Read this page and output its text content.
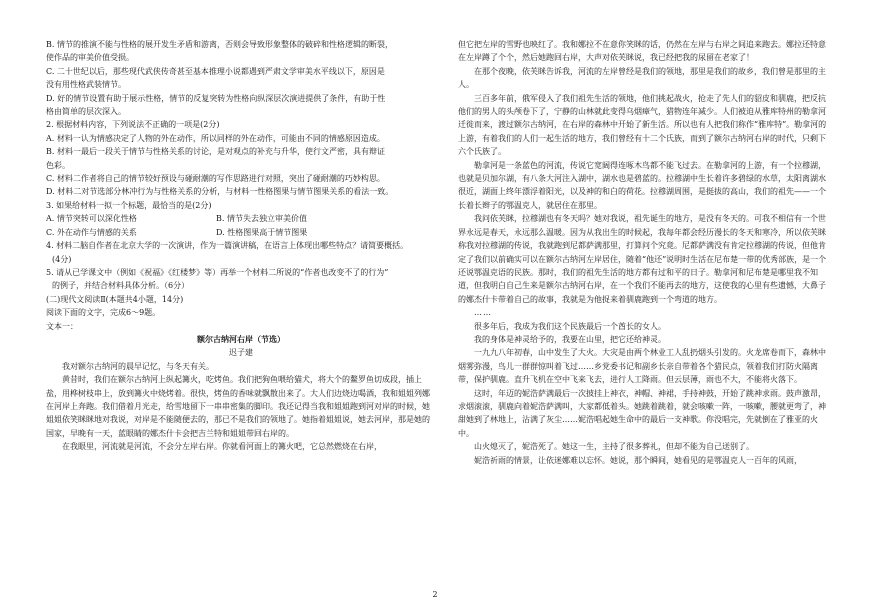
B. 情节的推演不能与性格的展开发生矛盾和游离，否则会导致形象整体的破碎和性格逻辑的断裂，

使作品的审美价值受损。

C. 二十世纪以后，那些现代武侠传奇甚至基本推理小说都遇到严肃文学审美水平线以下，原因是

没有用性格武装情节。

D. 好的情节设置有助于展示性格，情节的反复突转为性格向纵深层次演进提供了条件，有助于性

格由简单的层次深入。

2. 根据材料内容，下列说法不正确的一项是(2分)

A. 材料一认为情感决定了人物的外在动作，所以同样的外在动作，可能由不同的情感原因造成。

B. 材料一最后一段关于情节与性格关系的讨论，是对观点的补充与升华，使行文严密，具有辩证

色彩。

C. 材料二作者将自己的情节较好预设与碰耐潮的写作思路进行对照，突出了碰耐潮的巧妙构思。

D. 材料二对节选部分林冲行为与性格关系的分析，与材料一性格图果与情节图果关系的看法一致。

3. 如果给材料一拟一个标题，最恰当的是(2分)

A. 情节突转可以深化性格	B. 情节失去独立审美价值
C. 外在动作与情感的关系	D. 性格图果高于情节图果

4. 材料二脑自作者在北京大学的一次演讲，作为一篇演讲稿，在语言上体现出哪些特点？请简要概括。

(4分)

5. 请从已学课文中（例如《祝福》《红楼梦》等）再举一个材料二所说的“作者也改变不了的行为”

的例子，并结合材料具体分析。（6分）

(二)现代文阅读Ⅱ(本题共4小题，14分)

阅读下面的文字，完成6～9题。

文本一：

额尔古纳河右岸（节选）

迟子建

我对额尔古纳河的晨早记忆，与冬天有关。

黄昔时，我们在额尔古纳河上纵起篝火，吃烤鱼。我们把狗鱼喂给猫犬，将大个的鳌罗鱼切成段，插上盐，用桦树枝串上，放到篝火中烧烤着。很快，烤鱼的香味就飘散出来了。大人们边烧边喝酒，我和姐姐列娜在河岸上奔跑。我们借着月光走，给雪地留下一串串密集的脚印。我还记得当我和姐姐跑到河对岸的时候，她姐姐依笑眯眯地对我说，对岸是不能随便去的，那已不是我们的领地了。她指着姐姐说，她去河岸，那是她的国家，早晚有一天，蓝眼睛的娜杰什卡会把吉兰特和姐姐带回右岸的。

在我眼里，河流就是河流，不会分左岸右岸。你就看河面上的篝火吧，它总然燃烧在右岸，

但它把左岸的雪野也映红了。我和娜拉不在意你笑眯的话，仍然在左岸与右岸之间追来跑去。娜拉还特意在左岸蹲了个个，然后她跑回右岸，大声对依芙眯说，我已经把我的尿留在老家了！

在那个夜晚，依芙眯告诉我，河流的左岸曾经是我们的领地，那里是我们的故乡，我们曾是那里的主人。

三百多年前，俄军侵入了我们祖先生活的领地，他们挑起战火，抢走了先人们的貂皮和驯鹿，把反抗他们的男人的头颅卷下了，宁静的山林就此变得乌烟瘴气，猎物连年减少。人们被迫从雅库特州的勒拿河迁徙而来，渡过额尔古纳河，在右岸的森林中开始了新生活。所以也有人把我们称作“雅库特”。勒拿河的上游，有着我们的人们一起生活的地方，我们曾经有十二个氏族，而到了额尔古纳河右岸的时代，只剩下六个氏族了。

勒拿河是一条蓝色的河流，传说它宽阔得连啄木鸟都不能飞过去。在勒拿河的上游，有一个拉穆湖，也就是贝加尔湖，有八条大河注入湖中，湖水也是碧蓝的。拉穆湖中生长着许多碧绿的水草，太阳离湖水很近，湖面上终年漂浮着阳光，以及神的和白的荷花。拉穆湖周围，是挺拔的高山，我们的祖先——一个长着长辫子的鄂温克人，就居住在那里。

我问依芙眯，拉穆湖也有冬天吗？她对我说，祖先诞生的地方，是没有冬天的。可我不相信有一个世界永远是春天，永远那么温暖。因为从我出生的时候起，我每年都会经历漫长的冬天和寒冷，所以依芙眯称我对拉穆湖的传说，我就跑到尼都萨满那里，打算问个究竟。尼都萨满没有肯定拉穆湖的传说，但他肯定了我们以前确实可以在额尔古纳河左岸居住，随着“他还”说明时生活在尼布楚一带的优秀部族，是一个还说鄂温克语的民族。那时，我们的祖先生活的地方都有过和平的日子。勒拿河和尼布楚是哪里我不知道，但我明白自己生来是额尔古纳河右岸，在一个我们不能再去的地方，这使我的心里有些遗憾，大鼻子的娜杰什卡带着自己的故事，我就是为他捉来着驯鹿跑到一个弯道的地方。

……

很多年后，我成为我们这个民族最后一个酋长的女人。

我的身体是神灵给予的，我要在山里，把它还给神灵。

一九九八年初春，山中发生了大火。大灾是由两个林业工人乱扔烟头引发的。火龙席卷而下，森林中烟雾弥漫，鸟儿一群群惊叫着飞过……乡党委书记和副乡长亲自带着各个猎民点，领着我们打防火隔离带，保护驯鹿。直升飞机在空中飞来飞去，进行人工降雨。但云层薄，雨也不大，不能将火落下。

这时，年迈的妮浩萨满最后一次披挂上神衣，神帽、神裙，手持神鼓，开始了跳神求雨。鼓声激昂，求烟滚滚，驯鹿向着妮浩萨满叫，大家都低着头。她跳着跳着，就会咳嗽一阵，一咳嗽，腰就更弯了，神甜她到了林地上，沾满了灰尘……妮浩唱起她生命中的最后一支神歌。你没唱完，先就倒在了雅亚的火中。

山火熄灭了，妮浩死了。她这一生，主持了很多葬礼，但却不能为自己送别了。

妮浩祈雨的情景，让依迷娜难以忘怀。她说，那个瞬间，她看见的是鄂温克人一百年的风雨，

2
